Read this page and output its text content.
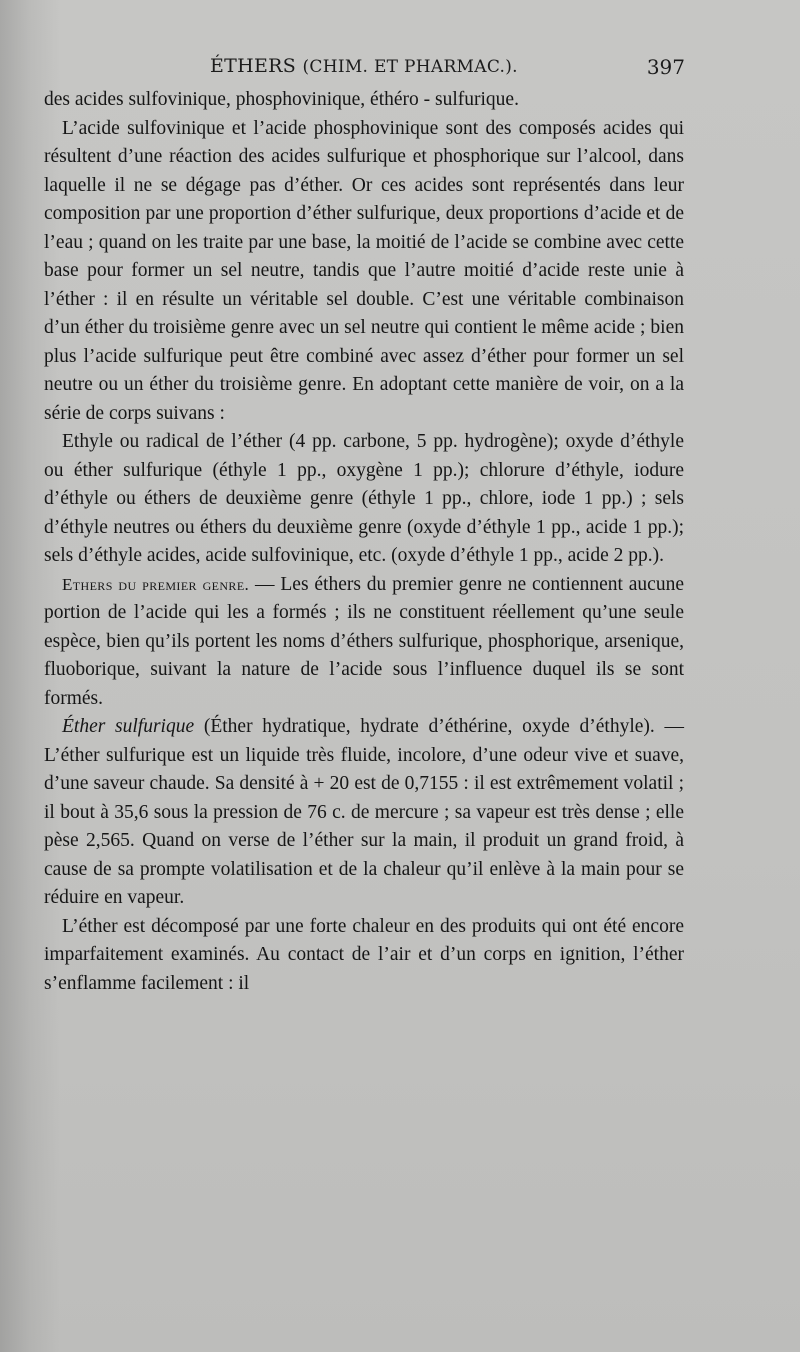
ÉTHERS (CHIM. ET PHARMAC.).	397

des acides sulfovinique, phosphovinique, éthéro - sulfurique.

L’acide sulfovinique et l’acide phosphovinique sont des composés acides qui résultent d’une réaction des acides sulfurique et phosphorique sur l’alcool, dans laquelle il ne se dégage pas d’éther. Or ces acides sont représentés dans leur composition par une proportion d’éther sulfurique, deux proportions d’acide et de l’eau ; quand on les traite par une base, la moitié de l’acide se combine avec cette base pour former un sel neutre, tandis que l’autre moitié d’acide reste unie à l’éther : il en résulte un véritable sel double. C’est une véritable combinaison d’un éther du troisième genre avec un sel neutre qui contient le même acide ; bien plus l’acide sulfurique peut être combiné avec assez d’éther pour former un sel neutre ou un éther du troisième genre. En adoptant cette manière de voir, on a la série de corps suivans :

Ethyle ou radical de l’éther (4 pp. carbone, 5 pp. hydrogène); oxyde d’éthyle ou éther sulfurique (éthyle 1 pp., oxygène 1 pp.); chlorure d’éthyle, iodure d’éthyle ou éthers de deuxième genre (éthyle 1 pp., chlore, iode 1 pp.) ; sels d’éthyle neutres ou éthers du deuxième genre (oxyde d’éthyle 1 pp., acide 1 pp.); sels d’éthyle acides, acide sulfovinique, etc. (oxyde d’éthyle 1 pp., acide 2 pp.).

Ethers du premier genre. — Les éthers du premier genre ne contiennent aucune portion de l’acide qui les a formés ; ils ne constituent réellement qu’une seule espèce, bien qu’ils portent les noms d’éthers sulfurique, phosphorique, arsenique, fluoborique, suivant la nature de l’acide sous l’influence duquel ils se sont formés.

Éther sulfurique (Éther hydratique, hydrate d’éthérine, oxyde d’éthyle). — L’éther sulfurique est un liquide très fluide, incolore, d’une odeur vive et suave, d’une saveur chaude. Sa densité à + 20 est de 0,7155 : il est extrêmement volatil ; il bout à 35,6 sous la pression de 76 c. de mercure ; sa vapeur est très dense ; elle pèse 2,565. Quand on verse de l’éther sur la main, il produit un grand froid, à cause de sa prompte volatilisation et de la chaleur qu’il enlève à la main pour se réduire en vapeur.

L’éther est décomposé par une forte chaleur en des produits qui ont été encore imparfaitement examinés. Au contact de l’air et d’un corps en ignition, l’éther s’enflamme facilement : il
